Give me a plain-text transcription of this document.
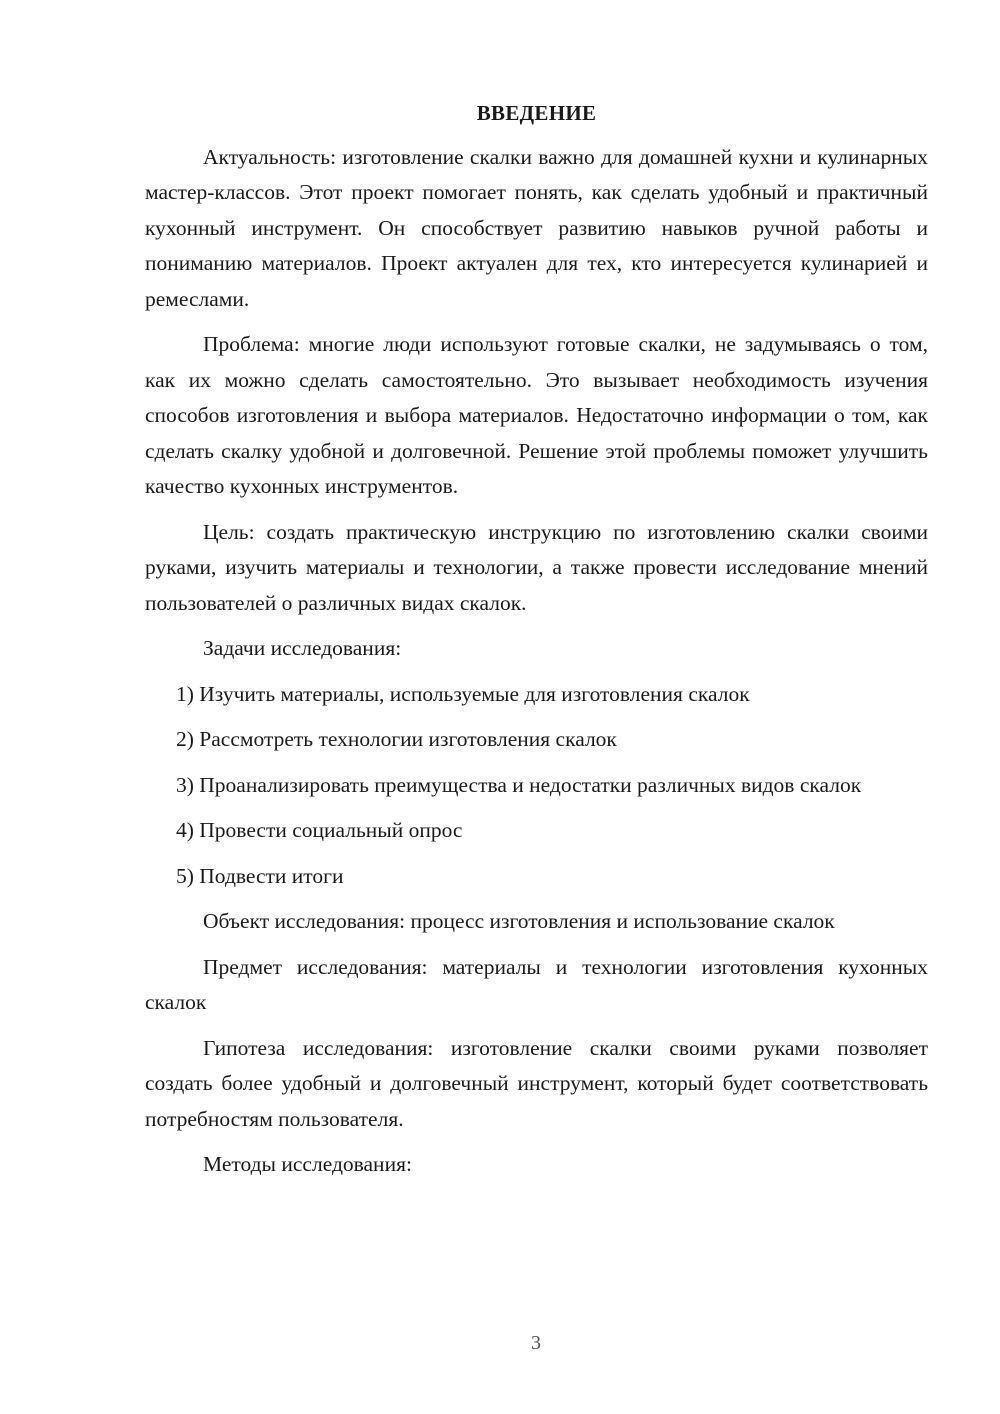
ВВЕДЕНИЕ

Актуальность: изготовление скалки важно для домашней кухни и кулинарных мастер-классов. Этот проект помогает понять, как сделать удобный и практичный кухонный инструмент. Он способствует развитию навыков ручной работы и пониманию материалов. Проект актуален для тех, кто интересуется кулинарией и ремеслами.

Проблема: многие люди используют готовые скалки, не задумываясь о том, как их можно сделать самостоятельно. Это вызывает необходимость изучения способов изготовления и выбора материалов. Недостаточно информации о том, как сделать скалку удобной и долговечной. Решение этой проблемы поможет улучшить качество кухонных инструментов.

Цель: создать практическую инструкцию по изготовлению скалки своими руками, изучить материалы и технологии, а также провести исследование мнений пользователей о различных видах скалок.

Задачи исследования:

1) Изучить материалы, используемые для изготовления скалок

2) Рассмотреть технологии изготовления скалок

3) Проанализировать преимущества и недостатки различных видов скалок

4) Провести социальный опрос

5) Подвести итоги

Объект исследования: процесс изготовления и использование скалок

Предмет исследования: материалы и технологии изготовления кухонных скалок

Гипотеза исследования: изготовление скалки своими руками позволяет создать более удобный и долговечный инструмент, который будет соответствовать потребностям пользователя.

Методы исследования:

3
